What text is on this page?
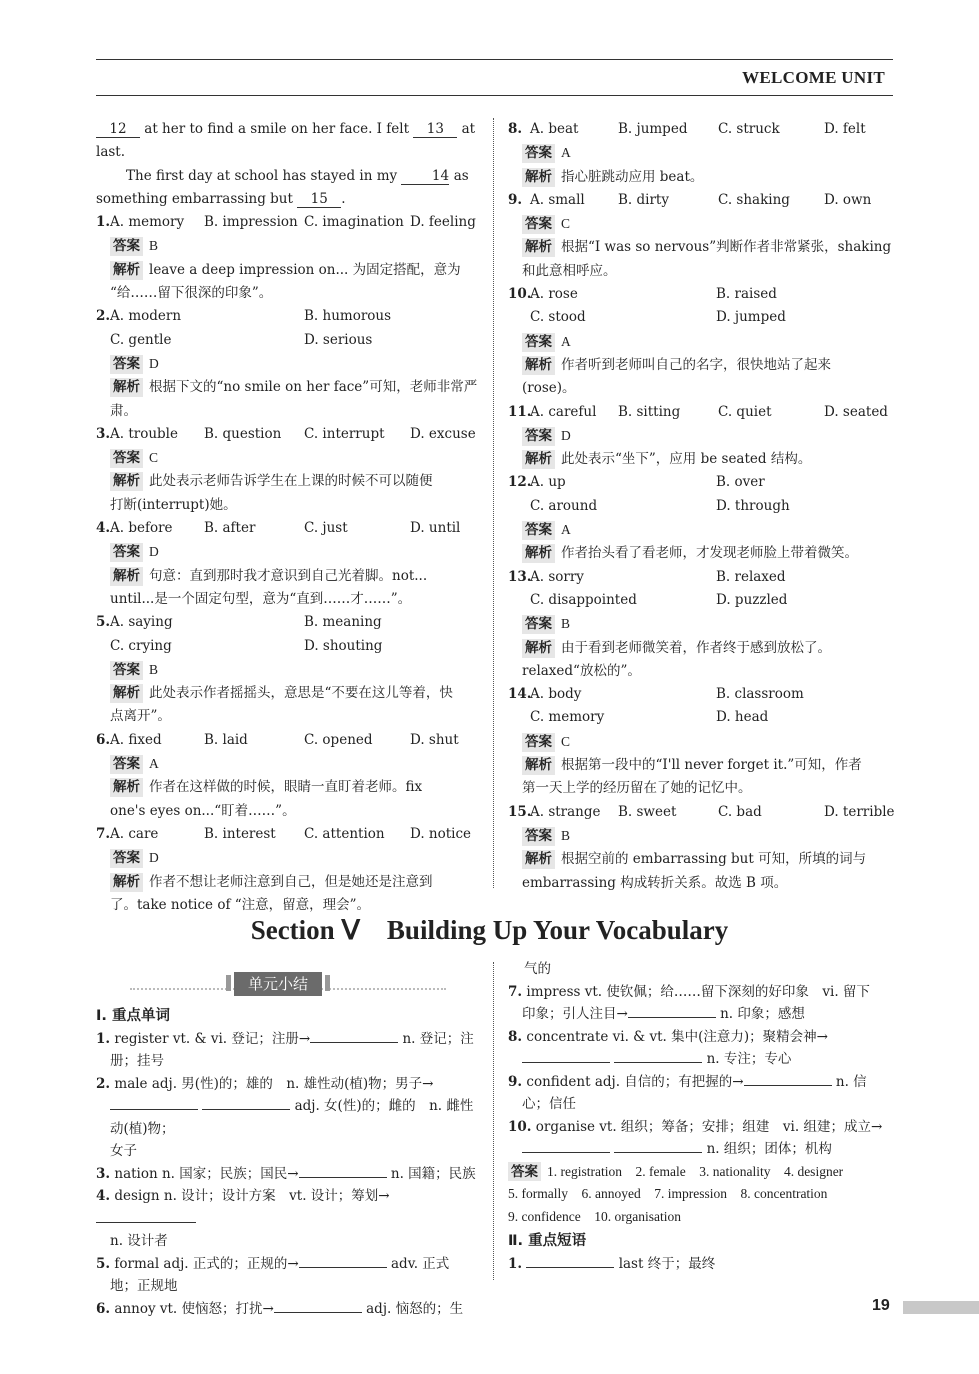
WELCOME UNIT

12 at her to find a smile on her face. I felt 13 at

last.

The first day at school has stayed in my	14 as

something embarrassing but 15 .

1. A. memory	B. impression C. imagination D. feeling

答案 B

解析 leave a deep impression on... 为固定搭配，意为

“给……留下很深的印象”。

2. A. modern	B. humorous
C. gentle	D. serious

答案 D

解析 根据下文的“no smile on her face”可知，老师非常严肃。

3. A. trouble	B. question	C. interrupt	D. excuse

答案 C

解析 此处表示老师告诉学生在上课的时候不可以随便

打断(interrupt)她。

4. A. before	B. after	C. just	D. until

答案 D

解析 句意：直到那时我才意识到自己光着脚。not...

until...是一个固定句型，意为“直到……才……”。

5. A. saying	B. meaning
C. crying	D. shouting

答案 B

解析 此处表示作者摇摇头，意思是“不要在这儿等着，快

点离开”。

6. A. fixed	B. laid	C. opened	D. shut

答案 A

解析 作者在这样做的时候，眼睛一直盯着老师。fix

one's eyes on...“盯着……”。

7. A. care	B. interest	C. attention	D. notice

答案 D

解析 作者不想让老师注意到自己，但是她还是注意到

了。take notice of “注意，留意，理会”。

8. A. beat	B. jumped	C. struck	D. felt

答案 A

解析 指心脏跳动应用 beat。

9. A. small	B. dirty	C. shaking	D. own

答案 C

解析 根据“I was so nervous”判断作者非常紧张，shaking

和此意相呼应。

10.
A. rose	B. raised
C. stood	D. jumped

答案 A

解析 作者听到老师叫自己的名字，很快地站了起来

(rose)。

11.
A. careful	B. sitting	C. quiet	D. seated

答案 D

解析 此处表示“坐下”，应用 be seated 结构。

12.
A. up	B. over
C. around	D. through

答案 A

解析 作者抬头看了看老师，才发现老师脸上带着微笑。

13.
A. sorry	B. relaxed
C. disappointed	D. puzzled

答案 B

解析 由于看到老师微笑着，作者终于感到放松了。

relaxed“放松的”。

14.
A. body	B. classroom
C. memory	D. head

答案 C

解析 根据第一段中的“I'll never forget it.”可知，作者

第一天上学的经历留在了她的记忆中。

15.
A. strange	B. sweet	C. bad	D. terrible

答案 B

解析 根据空前的 embarrassing but 可知，所填的词与

embarrassing 构成转折关系。故选 B 项。

Section Ⅴ　Building Up Your Vocabulary
单元小结

Ⅰ. 重点单词

1. register vt. & vi. 登记；注册→	n. 登记；注

册；挂号

2. male adj. 男(性)的；雄的　n. 雄性动(植)物；男子→

adj. 女(性)的；雌的　n. 雌性动(植)物；

女子

3. nation n. 国家；民族；国民→	n. 国籍；民族

4. design n. 设计；设计方案　vt. 设计；筹划→

n. 设计者

5. formal adj. 正式的；正规的→	adv. 正式

地；正规地

6. annoy vt. 使恼怒；打扰→	adj. 恼怒的；生

气的

7. impress vt. 使钦佩；给……留下深刻的好印象　vi. 留下

印象；引人注目→	n. 印象；感想

8. concentrate vi. & vt. 集中(注意力)；聚精会神→

n. 专注；专心

9. confident adj. 自信的；有把握的→	n. 信

心；信任

10. organise vt. 组织；筹备；安排；组建　vi. 组建；成立→

n. 组织；团体；机构

答案 1. registration　2. female　3. nationality　4. designer

5. formally　6. annoyed　7. impression　8. concentration

9. confidence　10. organisation

Ⅱ. 重点短语

1.	last 终于；最终

19
